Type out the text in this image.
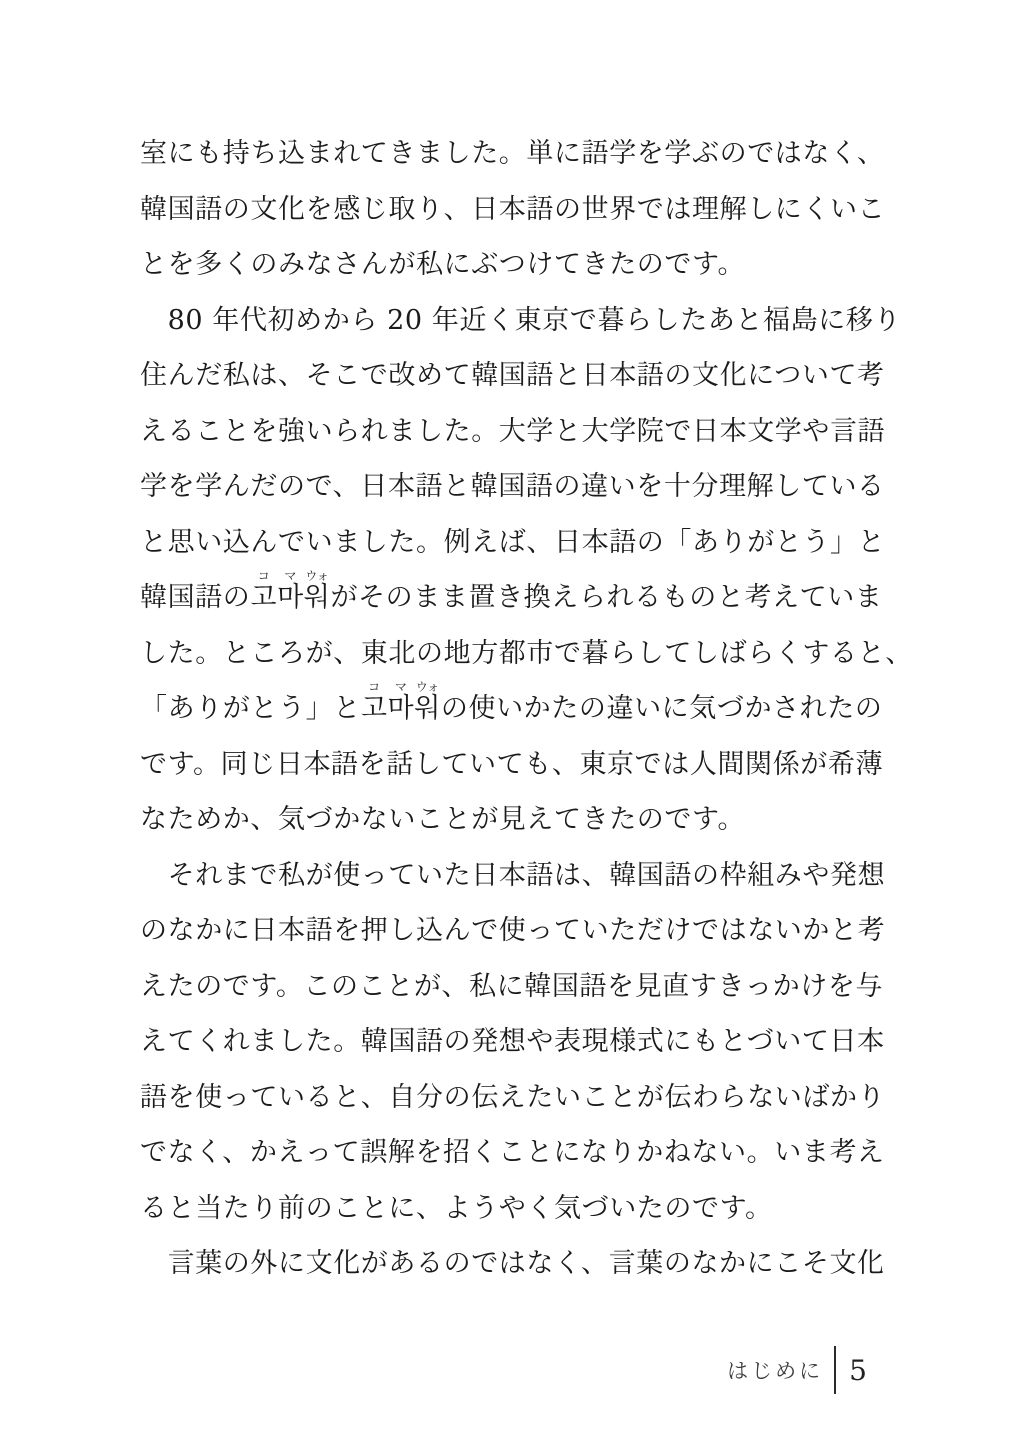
室にも持ち込まれてきました。単に語学を学ぶのではなく、
韓国語の文化を感じ取り、日本語の世界では理解しにくいこ
とを多くのみなさんが私にぶつけてきたのです。
　80 年代初めから 20 年近く東京で暮らしたあと福島に移り
住んだ私は、そこで改めて韓国語と日本語の文化について考
えることを強いられました。大学と大学院で日本文学や言語
学を学んだので、日本語と韓国語の違いを十分理解している
と思い込んでいました。例えば、日本語の「ありがとう」と
韓国語の
コ
고
マ
마
ウォ
워がそのまま置き換えられるものと考えていま
した。ところが、東北の地方都市で暮らしてしばらくすると、
「ありがとう」と
コ
고
マ
마
ウォ
워の使いかたの違いに気づかされたの
です。同じ日本語を話していても、東京では人間関係が希薄
なためか、気づかないことが見えてきたのです。
　それまで私が使っていた日本語は、韓国語の枠組みや発想
のなかに日本語を押し込んで使っていただけではないかと考
えたのです。このことが、私に韓国語を見直すきっかけを与
えてくれました。韓国語の発想や表現様式にもとづいて日本
語を使っていると、自分の伝えたいことが伝わらないばかり
でなく、かえって誤解を招くことになりかねない。いま考え
ると当たり前のことに、ようやく気づいたのです。
　言葉の外に文化があるのではなく、言葉のなかにこそ文化
はじめに 5
